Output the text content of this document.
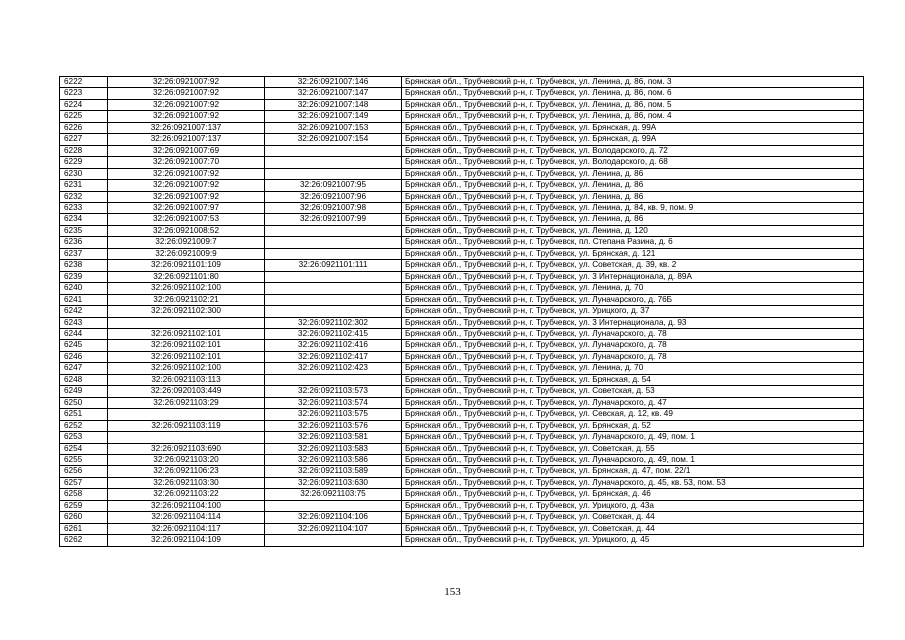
6222	32:26:0921007:92	32:26:0921007:146	Брянская обл., Трубчевский р-н, г. Трубчевск, ул. Ленина, д. 86, пом. 3
6223	32:26:0921007:92	32:26:0921007:147	Брянская обл., Трубчевский р-н, г. Трубчевск, ул. Ленина, д. 86, пом. 6
6224	32:26:0921007:92	32:26:0921007:148	Брянская обл., Трубчевский р-н, г. Трубчевск, ул. Ленина, д. 86, пом. 5
6225	32:26:0921007:92	32:26:0921007:149	Брянская обл., Трубчевский р-н, г. Трубчевск, ул. Ленина, д. 86, пом. 4
6226	32:26:0921007:137	32:26:0921007:153	Брянская обл., Трубчевский р-н, г. Трубчевск, ул. Брянская, д. 99А
6227	32:26:0921007:137	32:26:0921007:154	Брянская обл., Трубчевский р-н, г. Трубчевск, ул. Брянская, д. 99А
6228	32:26:0921007:69		Брянская обл., Трубчевский р-н, г. Трубчевск, ул. Володарского, д. 72
6229	32:26:0921007:70		Брянская обл., Трубчевский р-н, г. Трубчевск, ул. Володарского, д. 68
6230	32:26:0921007:92		Брянская обл., Трубчевский р-н, г. Трубчевск, ул. Ленина, д. 86
6231	32:26:0921007:92	32:26:0921007:95	Брянская обл., Трубчевский р-н, г. Трубчевск, ул. Ленина, д. 86
6232	32:26:0921007:92	32:26:0921007:96	Брянская обл., Трубчевский р-н, г. Трубчевск, ул. Ленина, д. 86
6233	32:26:0921007:97	32:26:0921007:98	Брянская обл., Трубчевский р-н, г. Трубчевск, ул. Ленина, д. 84, кв. 9, пом. 9
6234	32:26:0921007:53	32:26:0921007:99	Брянская обл., Трубчевский р-н, г. Трубчевск, ул. Ленина, д. 86
6235	32:26:0921008:52		Брянская обл., Трубчевский р-н, г. Трубчевск, ул. Ленина, д. 120
6236	32:26:0921009:7		Брянская обл., Трубчевский р-н, г. Трубчевск, пл. Степана Разина, д. 6
6237	32:26:0921009:9		Брянская обл., Трубчевский р-н, г. Трубчевск, ул. Брянская, д. 121
6238	32:26:0921101:109	32:26:0921101:111	Брянская обл., Трубчевский р-н, г. Трубчевск, ул. Советская, д. 39, кв. 2
6239	32:26:0921101:80		Брянская обл., Трубчевский р-н, г. Трубчевск, ул. 3 Интернационала, д. 89А
6240	32:26:0921102:100		Брянская обл., Трубчевский р-н, г. Трубчевск, ул. Ленина, д. 70
6241	32:26:0921102:21		Брянская обл., Трубчевский р-н, г. Трубчевск, ул. Луначарского, д. 76Б
6242	32:26:0921102:300		Брянская обл., Трубчевский р-н, г. Трубчевск, ул. Урицкого, д. 37
6243		32:26:0921102:302	Брянская обл., Трубчевский р-н, г. Трубчевск, ул. 3 Интернационала, д. 93
6244	32:26:0921102:101	32:26:0921102:415	Брянская обл., Трубчевский р-н, г. Трубчевск, ул. Луначарского, д. 78
6245	32:26:0921102:101	32:26:0921102:416	Брянская обл., Трубчевский р-н, г. Трубчевск, ул. Луначарского, д. 78
6246	32:26:0921102:101	32:26:0921102:417	Брянская обл., Трубчевский р-н, г. Трубчевск, ул. Луначарского, д. 78
6247	32:26:0921102:100	32:26:0921102:423	Брянская обл., Трубчевский р-н, г. Трубчевск, ул. Ленина, д. 70
6248	32:26:0921103:113		Брянская обл., Трубчевский р-н, г. Трубчевск, ул. Брянская, д. 54
6249	32:26:0920103:449	32:26:0921103:573	Брянская обл., Трубчевский р-н, г. Трубчевск, ул. Советская, д. 53
6250	32:26:0921103:29	32:26:0921103:574	Брянская обл., Трубчевский р-н, г. Трубчевск, ул. Луначарского, д. 47
6251		32:26:0921103:575	Брянская обл., Трубчевский р-н, г. Трубчевск, ул. Севская, д. 12, кв. 49
6252	32:26:0921103:119	32:26:0921103:576	Брянская обл., Трубчевский р-н, г. Трубчевск, ул. Брянская, д. 52
6253		32:26:0921103:581	Брянская обл., Трубчевский р-н, г. Трубчевск, ул. Луначарского, д. 49, пом. 1
6254	32:26:0921103:690	32:26:0921103:583	Брянская обл., Трубчевский р-н, г. Трубчевск, ул. Советская, д. 55
6255	32:26:0921103:20	32:26:0921103:586	Брянская обл., Трубчевский р-н, г. Трубчевск, ул. Луначарского, д. 49, пом. 1
6256	32:26:0921106:23	32:26:0921103:589	Брянская обл., Трубчевский р-н, г. Трубчевск, ул. Брянская, д. 47, пом. 22/1
6257	32:26:0921103:30	32:26:0921103:630	Брянская обл., Трубчевский р-н, г. Трубчевск, ул. Луначарского, д. 45, кв. 53, пом. 53
6258	32:26:0921103:22	32:26:0921103:75	Брянская обл., Трубчевский р-н, г. Трубчевск, ул. Брянская, д. 46
6259	32:26:0921104:100		Брянская обл., Трубчевский р-н, г. Трубчевск, ул. Урицкого, д. 43а
6260	32:26:0921104:114	32:26:0921104:106	Брянская обл., Трубчевский р-н, г. Трубчевск, ул. Советская, д. 44
6261	32:26:0921104:117	32:26:0921104:107	Брянская обл., Трубчевский р-н, г. Трубчевск, ул. Советская, д. 44
6262	32:26:0921104:109		Брянская обл., Трубчевский р-н, г. Трубчевск, ул. Урицкого, д. 45
153
